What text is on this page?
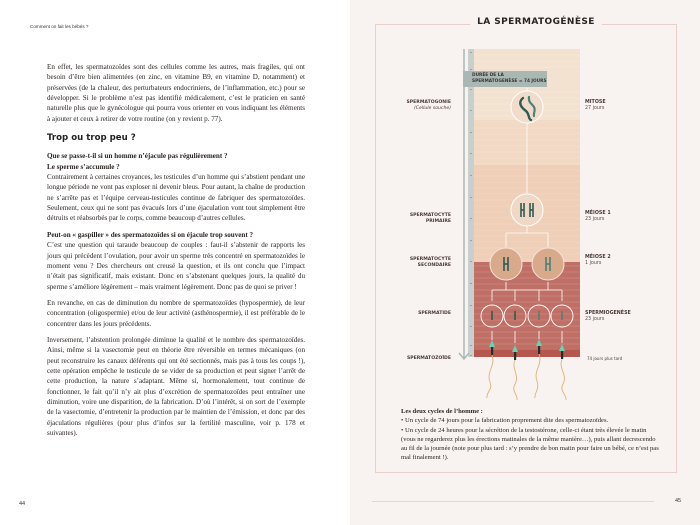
Comment on fait les bébés ?

En effet, les spermatozoïdes sont des cellules comme les autres, mais fragiles, qui ont besoin d’être bien alimentées (en zinc, en vitamine B9, en vitamine D, notamment) et préservées (de la chaleur, des perturbateurs endocriniens, de l’inflammation, etc.) pour se développer. Si le problème n’est pas identifié médicalement, c’est le praticien en santé naturelle plus que le gynécologue qui pourra vous orienter en vous indiquant les éléments à ajouter et ceux à retirer de votre routine (on y revient p. 77).

Trop ou trop peu ?

Que se passe-t-il si un homme n’éjacule pas régulièrement ?

Le sperme s’accumule ?

Contrairement à certaines croyances, les testicules d’un homme qui s’abstient pendant une longue période ne vont pas exploser ni devenir bleus. Pour autant, la chaîne de production ne s’arrête pas et l’équipe cerveau-testicules continue de fabriquer des spermatozoïdes. Seulement, ceux qui ne sont pas évacués lors d’une éjaculation vont tout simplement être détruits et réabsorbés par le corps, comme beaucoup d’autres cellules.

Peut-on « gaspiller » des spermatozoïdes si on éjacule trop souvent ?

C’est une question qui taraude beaucoup de couples : faut-il s’abstenir de rapports les jours qui précèdent l’ovulation, pour avoir un sperme très concentré en spermatozoïdes le moment venu ? Des chercheurs ont creusé la question, et ils ont conclu que l’impact n’était pas significatif, mais existant. Donc en s’abstenant quelques jours, la qualité du sperme s’améliore légèrement – mais vraiment légèrement. Donc pas de quoi se priver !

En revanche, en cas de diminution du nombre de spermatozoïdes (hypospermie), de leur concentration (oligospermie) et/ou de leur activité (asthénospermie), il est préférable de le concentrer dans les jours précédents.

Inversement, l’abstention prolongée diminue la qualité et le nombre des spermatozoïdes. Ainsi, même si la vasectomie peut en théorie être réversible en termes mécaniques (on peut reconstruire les canaux déférents qui ont été sectionnés, mais pas à tous les coups !), cette opération empêche le testicule de se vider de sa production et peut signer l’arrêt de cette production, la nature s’adaptant. Même si, hormonalement, tout continue de fonctionner, le fait qu’il n’y ait plus d’excrétion de spermatozoïdes peut entraîner une diminution, voire une disparition, de la fabrication. D’où l’intérêt, si on sort de l’exemple de la vasectomie, d’entretenir la production par le maintien de l’émission, et donc par des éjaculations régulières (pour plus d’infos sur la fertilité masculine, voir p. 178 et suivantes).

44
DURÉE DE LA
SPERMATOGENÈSE = 74 JOURS
SPERMATOGONIE
(Cellule souche)
SPERMATOCYTE
PRIMAIRE
SPERMATOCYTE
SECONDAIRE
SPERMATIDE
SPERMATOZOÏDE
MITOSE
27 jours
MÉIOSE 1
23 jours
MÉIOSE 2
1 jours
SPERMIOGENÈSE
23 jours
74 jours plus tard
Les deux cycles de l’homme :
• Un cycle de 74 jours pour la fabrication proprement dite des spermatozoïdes.
• Un cycle de 24 heures pour la sécrétion de la testostérone, celle-ci étant très élevée le matin (vous ne regarderez plus les érections matinales de la même manière…), puis allant decrescendo au fil de la journée (note pour plus tard : s’y prendre de bon matin pour faire un bébé, ce n’est pas mal finalement !).
45
LA SPERMATOGÉNÈSE
